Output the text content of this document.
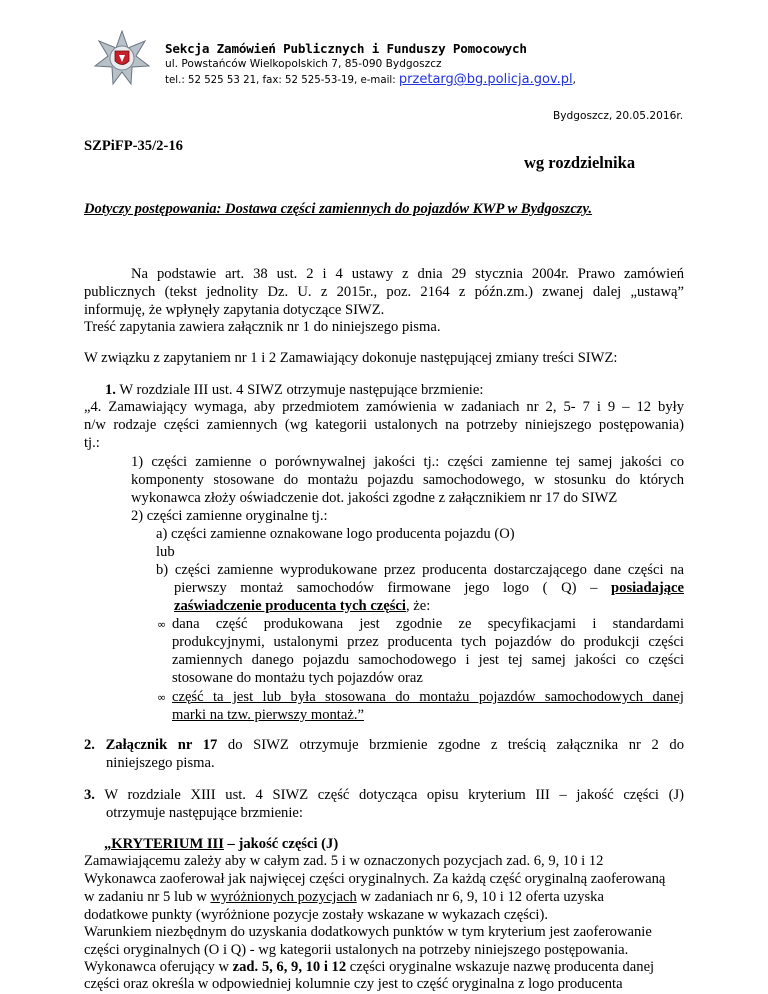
Sekcja Zamówień Publicznych i Funduszy Pomocowych
ul. Powstańców Wielkopolskich 7, 85-090 Bydgoszcz
tel.: 52 525 53 21, fax: 52 525-53-19, e-mail: przetarg@bg.policja.gov.pl,
Bydgoszcz, 20.05.2016r.
SZPiFP-35/2-16
wg rozdzielnika
Dotyczy postępowania: Dostawa części zamiennych do pojazdów KWP w Bydgoszczy.
Na podstawie art. 38 ust. 2 i 4 ustawy z dnia 29 stycznia 2004r. Prawo zamówień
publicznych (tekst jednolity Dz. U. z 2015r., poz. 2164 z późn.zm.) zwanej dalej „ustawą”
informuję, że wpłynęły zapytania dotyczące SIWZ.
Treść zapytania zawiera załącznik nr 1 do niniejszego pisma.
W związku z zapytaniem nr 1 i 2 Zamawiający dokonuje następującej zmiany treści SIWZ:
1. W rozdziale III ust. 4 SIWZ otrzymuje następujące brzmienie:
„4. Zamawiający wymaga, aby przedmiotem zamówienia w zadaniach nr 2, 5- 7 i 9 – 12 były
n/w rodzaje części zamiennych (wg kategorii ustalonych na potrzeby niniejszego postępowania)
tj.:
1) części zamienne o porównywalnej jakości tj.: części zamienne tej samej jakości co
komponenty stosowane do montażu pojazdu samochodowego, w stosunku do których
wykonawca złoży oświadczenie dot. jakości zgodne z załącznikiem nr 17 do SIWZ
2) części zamienne oryginalne tj.:
a) części zamienne oznakowane logo producenta pojazdu (O)
lub
b) części zamienne wyprodukowane przez producenta dostarczającego dane części na
pierwszy montaż samochodów firmowane jego logo ( Q) – posiadające
zaświadczenie producenta tych części, że:
∞ dana część produkowana jest zgodnie ze specyfikacjami i standardami
produkcyjnymi, ustalonymi przez producenta tych pojazdów do produkcji części
zamiennych danego pojazdu samochodowego i jest tej samej jakości co części
stosowane do montażu tych pojazdów oraz
∞ część ta jest lub była stosowana do montażu pojazdów samochodowych danej
marki na tzw. pierwszy montaż.”
2. Załącznik nr 17 do SIWZ otrzymuje brzmienie zgodne z treścią załącznika nr 2 do
niniejszego pisma.
3. W rozdziale XIII ust. 4 SIWZ część dotycząca opisu kryterium III – jakość części (J)
otrzymuje następujące brzmienie:
„KRYTERIUM III – jakość części (J)
Zamawiającemu zależy aby w całym zad. 5 i w oznaczonych pozycjach zad. 6, 9, 10 i 12
Wykonawca zaoferował jak najwięcej części oryginalnych. Za każdą część oryginalną zaoferowaną
w zadaniu nr 5 lub w wyróżnionych pozycjach w zadaniach nr 6, 9, 10 i 12 oferta uzyska
dodatkowe punkty (wyróżnione pozycje zostały wskazane w wykazach części).
Warunkiem niezbędnym do uzyskania dodatkowych punktów w tym kryterium jest zaoferowanie
części oryginalnych (O i Q) - wg kategorii ustalonych na potrzeby niniejszego postępowania.
Wykonawca oferujący w zad. 5, 6, 9, 10 i 12 części oryginalne wskazuje nazwę producenta danej
części oraz określa w odpowiedniej kolumnie czy jest to część oryginalna z logo producenta
